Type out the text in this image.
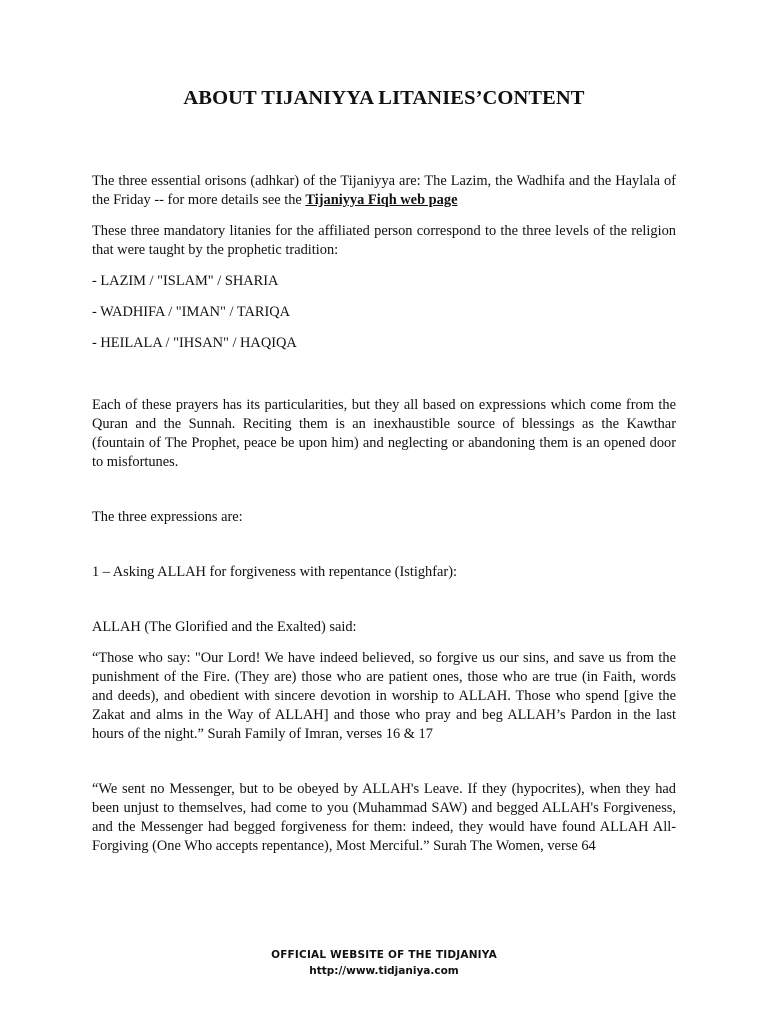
ABOUT TIJANIYYA LITANIES’CONTENT

The three essential orisons (adhkar) of the Tijaniyya are: The Lazim, the Wadhifa and the Haylala of the Friday -- for more details see the Tijaniyya Fiqh web page

These three mandatory litanies for the affiliated person correspond to the three levels of the religion that were taught by the prophetic tradition:

- LAZIM / "ISLAM" / SHARIA

- WADHIFA / "IMAN" / TARIQA

- HEILALA / "IHSAN" / HAQIQA

Each of these prayers has its particularities, but they all based on expressions which come from the Quran and the Sunnah. Reciting them is an inexhaustible source of blessings as the Kawthar (fountain of The Prophet, peace be upon him) and neglecting or abandoning them is an opened door to misfortunes.

The three expressions are:

1 – Asking ALLAH for forgiveness with repentance (Istighfar):

ALLAH (The Glorified and the Exalted) said:

“Those who say: "Our Lord! We have indeed believed, so forgive us our sins, and save us from the punishment of the Fire. (They are) those who are patient ones, those who are true (in Faith, words and deeds), and obedient with sincere devotion in worship to ALLAH. Those who spend [give the Zakat and alms in the Way of ALLAH] and those who pray and beg ALLAH’s Pardon in the last hours of the night.” Surah Family of Imran, verses 16 & 17

“We sent no Messenger, but to be obeyed by ALLAH's Leave. If they (hypocrites), when they had been unjust to themselves, had come to you (Muhammad SAW) and begged ALLAH's Forgiveness, and the Messenger had begged forgiveness for them: indeed, they would have found ALLAH All-Forgiving (One Who accepts repentance), Most Merciful.” Surah The Women, verse 64

OFFICIAL WEBSITE OF THE TIDJANIYA
http://www.tidjaniya.com
